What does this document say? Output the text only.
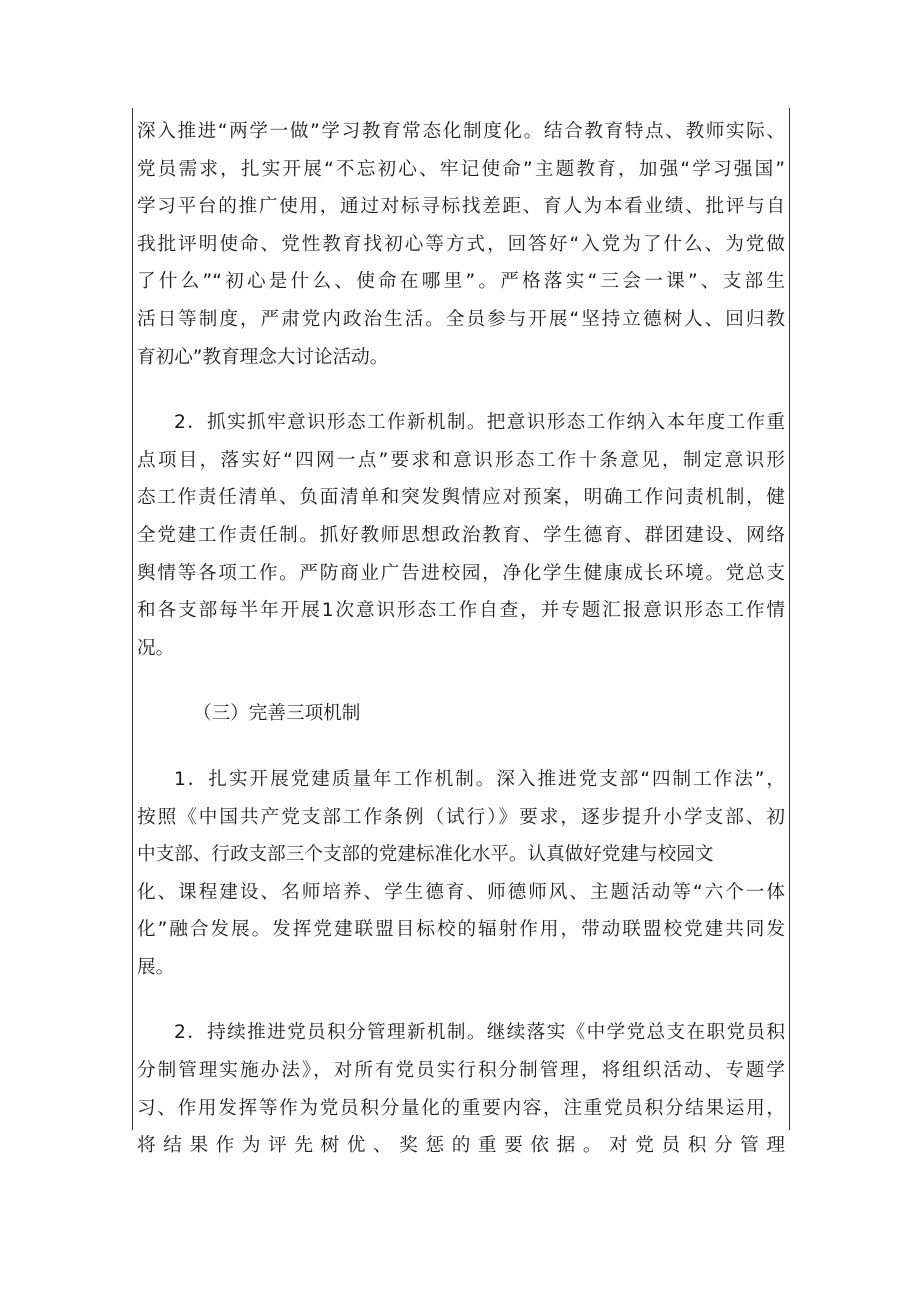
深入推进“两学一做”学习教育常态化制度化。结合教育特点、教师实际、
党员需求，扎实开展“不忘初心、牢记使命”主题教育，加强“学习强国”
学习平台的推广使用，通过对标寻标找差距、育人为本看业绩、批评与自
我批评明使命、党性教育找初心等方式，回答好“入党为了什么、为党做
了什么”“初心是什么、使命在哪里”。严格落实“三会一课”、支部生
活日等制度，严肃党内政治生活。全员参与开展“坚持立德树人、回归教
育初心”教育理念大讨论活动。
2．抓实抓牢意识形态工作新机制。把意识形态工作纳入本年度工作重
点项目，落实好“四网一点”要求和意识形态工作十条意见，制定意识形
态工作责任清单、负面清单和突发舆情应对预案，明确工作问责机制，健
全党建工作责任制。抓好教师思想政治教育、学生德育、群团建设、网络
舆情等各项工作。严防商业广告进校园，净化学生健康成长环境。党总支
和各支部每半年开展1次意识形态工作自查，并专题汇报意识形态工作情
况。
（三）完善三项机制
1．扎实开展党建质量年工作机制。深入推进党支部“四制工作法”，
按照《中国共产党支部工作条例（试行）》要求，逐步提升小学支部、初
中支部、行政支部三个支部的党建标准化水平。认真做好党建与校园文
化、课程建设、名师培养、学生德育、师德师风、主题活动等“六个一体
化”融合发展。发挥党建联盟目标校的辐射作用，带动联盟校党建共同发
展。
2．持续推进党员积分管理新机制。继续落实《中学党总支在职党员积
分制管理实施办法》，对所有党员实行积分制管理，将组织活动、专题学
习、作用发挥等作为党员积分量化的重要内容，注重党员积分结果运用，
将结果作为评先树优、奖惩的重要依据。对党员积分管理
